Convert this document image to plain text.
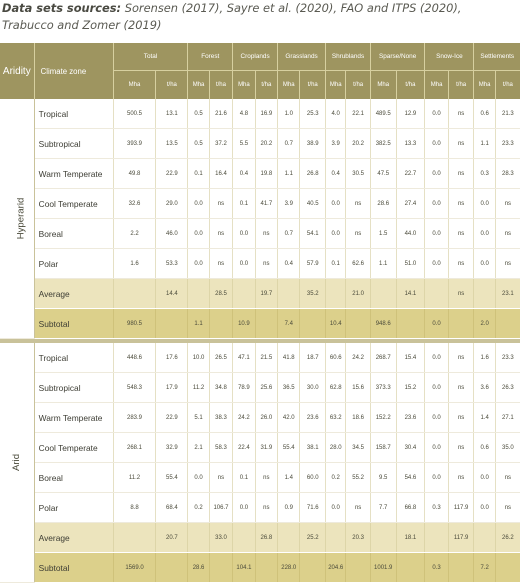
Data sets sources: Sorensen (2017), Sayre et al. (2020), FAO and ITPS (2020), Trabucco and Zomer (2019)
Aridity	Climate zone	Total		Forest		Croplands		Grasslands		Shrublands		Sparse/None		Snow-Ice		Settlements	
		Mha	t/ha	Mha	t/ha	Mha	t/ha	Mha	t/ha	Mha	t/ha	Mha	t/ha	Mha	t/ha	Mha	t/ha
Hyperarid	Tropical	500.5	13.1	0.5	21.6	4.8	16.9	1.0	25.3	4.0	22.1	489.5	12.9	0.0	ns	0.6	21.3
	Subtropical	393.9	13.5	0.5	37.2	5.5	20.2	0.7	38.9	3.9	20.2	382.5	13.3	0.0	ns	1.1	23.3
	Warm Temperate	49.8	22.9	0.1	16.4	0.4	19.8	1.1	26.8	0.4	30.5	47.5	22.7	0.0	ns	0.3	28.3
	Cool Temperate	32.6	29.0	0.0	ns	0.1	41.7	3.9	40.5	0.0	ns	28.6	27.4	0.0	ns	0.0	ns
	Boreal	2.2	46.0	0.0	ns	0.0	ns	0.7	54.1	0.0	ns	1.5	44.0	0.0	ns	0.0	ns
	Polar	1.6	53.3	0.0	ns	0.0	ns	0.4	57.9	0.1	62.6	1.1	51.0	0.0	ns	0.0	ns
	Average		14.4		28.5		19.7		35.2		21.0		14.1		ns		23.1
	Subtotal	980.5		1.1		10.9		7.4		10.4		948.6		0.0		2.0	

Arid	Tropical	448.6	17.6	10.0	26.5	47.1	21.5	41.8	18.7	60.6	24.2	268.7	15.4	0.0	ns	1.6	23.3
	Subtropical	548.3	17.9	11.2	34.8	78.9	25.6	36.5	30.0	62.8	15.6	373.3	15.2	0.0	ns	3.6	26.3
	Warm Temperate	283.9	22.9	5.1	38.3	24.2	26.0	42.0	23.6	63.2	18.6	152.2	23.6	0.0	ns	1.4	27.1
	Cool Temperate	268.1	32.9	2.1	58.3	22.4	31.9	55.4	38.1	28.0	34.5	158.7	30.4	0.0	ns	0.6	35.0
	Boreal	11.2	55.4	0.0	ns	0.1	ns	1.4	60.0	0.2	55.2	9.5	54.6	0.0	ns	0.0	ns
	Polar	8.8	68.4	0.2	106.7	0.0	ns	0.9	71.6	0.0	ns	7.7	66.8	0.3	117.9	0.0	ns
	Average		20.7		33.0		26.8		25.2		20.3		18.1		117.9		26.2
	Subtotal	1569.0		28.6		104.1		228.0		204.6		1001.9		0.3		7.2	
